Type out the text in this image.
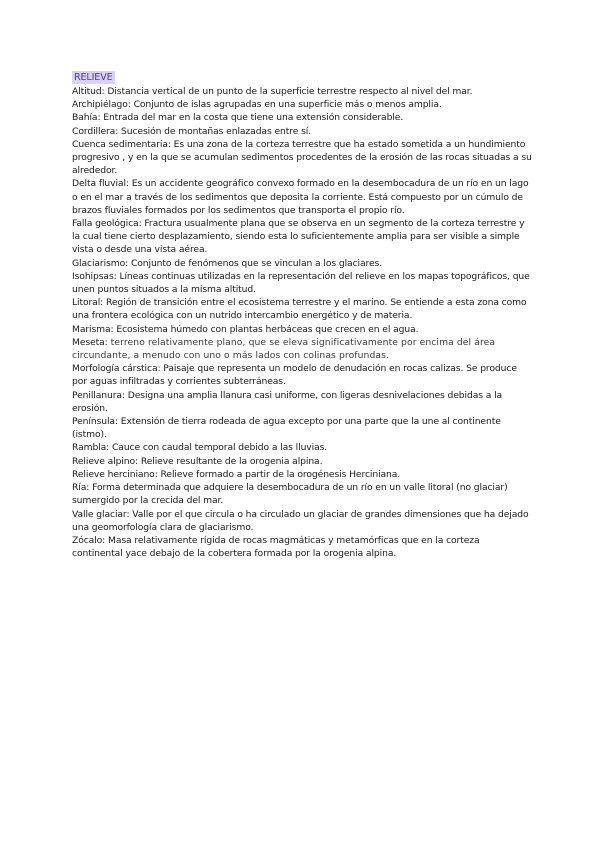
RELIEVE

Altitud: Distancia vertical de un punto de la superficie terrestre respecto al nivel del mar.

Archipiélago: Conjunto de islas agrupadas en una superficie más o menos amplia.

Bahía: Entrada del mar en la costa que tiene una extensión considerable.

Cordillera: Sucesión de montañas enlazadas entre sí.

Cuenca sedimentaria: Es una zona de la corteza terrestre que ha estado sometida a un hundimiento progresivo , y en la que se acumulan sedimentos procedentes de la erosión de las rocas situadas a su alrededor.

Delta fluvial: Es un accidente geográfico convexo formado en la desembocadura de un río en un lago o en el mar a través de los sedimentos que deposita la corriente. Está compuesto por un cúmulo de brazos fluviales formados por los sedimentos que transporta el propio río.

Falla geológica: Fractura usualmente plana que se observa en un segmento de la corteza terrestre y la cual tiene cierto desplazamiento, siendo esta lo suficientemente amplia para ser visible a simple vista o desde una vista aérea.

Glaciarismo: Conjunto de fenómenos que se vinculan a los glaciares.

Isohipsas: Líneas continuas utilizadas en la representación del relieve en los mapas topográficos, que unen puntos situados a la misma altitud.

Litoral: Región de transición entre el ecosistema terrestre y el marino. Se entiende a esta zona como una frontera ecológica con un nutrido intercambio energético y de materia.

Marisma: Ecosistema húmedo con plantas herbáceas que crecen en el agua.

Meseta: terreno relativamente plano, que se eleva significativamente por encima del área circundante, a menudo con uno o más lados con colinas profundas.

Morfología cárstica: Paisaje que representa un modelo de denudación en rocas calizas. Se produce por aguas infiltradas y corrientes subterráneas.

Penillanura: Designa una amplia llanura casi uniforme, con ligeras desnivelaciones debidas a la erosión.

Península: Extensión de tierra rodeada de agua excepto por una parte que la une al continente (istmo).

Rambla: Cauce con caudal temporal debido a las lluvias.

Relieve alpino: Relieve resultante de la orogenia alpina.

Relieve herciniano: Relieve formado a partir de la orogénesis Herciniana.

Ría: Forma determinada que adquiere la desembocadura de un río en un valle litoral (no glaciar) sumergido por la crecida del mar.

Valle glaciar: Valle por el que circula o ha circulado un glaciar de grandes dimensiones que ha dejado una geomorfología clara de glaciarismo.

Zócalo: Masa relativamente rígida de rocas magmáticas y metamórficas que en la corteza continental yace debajo de la cobertera formada por la orogenia alpina.
